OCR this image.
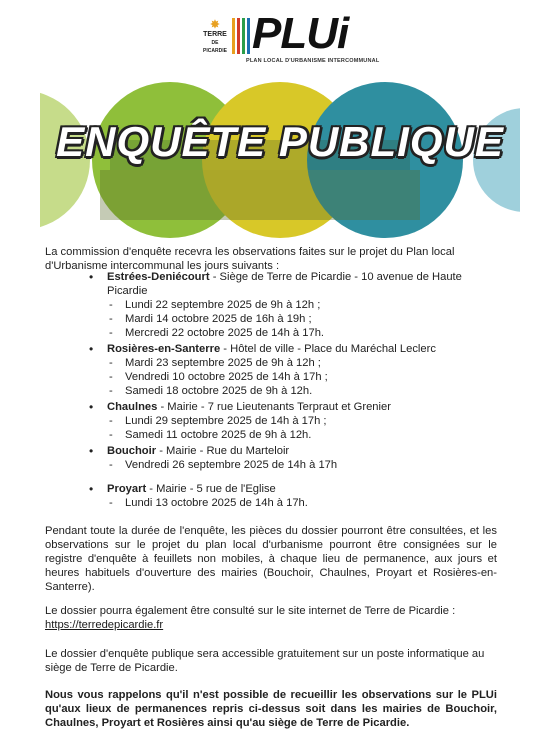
✸
TERRE
DE PICARDIE PLUi
PLAN LOCAL D'URBANISME INTERCOMMUNAL
ENQUÊTE PUBLIQUE
La commission d'enquête recevra les observations faites sur le projet du Plan local d'Urbanisme intercommunal les jours suivants :
• Estrées-Deniécourt - Siège de Terre de Picardie - 10 avenue de Haute Picardie
- Lundi 22 septembre 2025 de 9h à 12h ;
- Mardi 14 octobre 2025 de 16h à 19h ;
- Mercredi 22 octobre 2025 de 14h à 17h.
• Rosières-en-Santerre - Hôtel de ville - Place du Maréchal Leclerc
- Mardi 23 septembre 2025 de 9h à 12h ;
- Vendredi 10 octobre 2025 de 14h à 17h ;
- Samedi 18 octobre 2025 de 9h à 12h.
• Chaulnes - Mairie - 7 rue Lieutenants Terpraut et Grenier
- Lundi 29 septembre 2025 de 14h à 17h ;
- Samedi 11 octobre 2025 de 9h à 12h.
• Bouchoir - Mairie - Rue du Marteloir
- Vendredi 26 septembre 2025 de 14h à 17h
• Proyart - Mairie - 5 rue de l'Eglise
- Lundi 13 octobre 2025 de 14h à 17h.
Pendant toute la durée de l'enquête, les pièces du dossier pourront être consultées, et les observations sur le projet du plan local d'urbanisme pourront être consignées sur le registre d'enquête à feuillets non mobiles, à chaque lieu de permanence, aux jours et heures habituels d'ouverture des mairies (Bouchoir, Chaulnes, Proyart et Rosières-en-Santerre).
Le dossier pourra également être consulté sur le site internet de Terre de Picardie :
https://terredepicardie.fr
Le dossier d'enquête publique sera accessible gratuitement sur un poste informatique au siège de Terre de Picardie.
Nous vous rappelons qu'il n'est possible de recueillir les observations sur le PLUi qu'aux lieux de permanences repris ci-dessus soit dans les mairies de Bouchoir, Chaulnes, Proyart et Rosières ainsi qu'au siège de Terre de Picardie.
